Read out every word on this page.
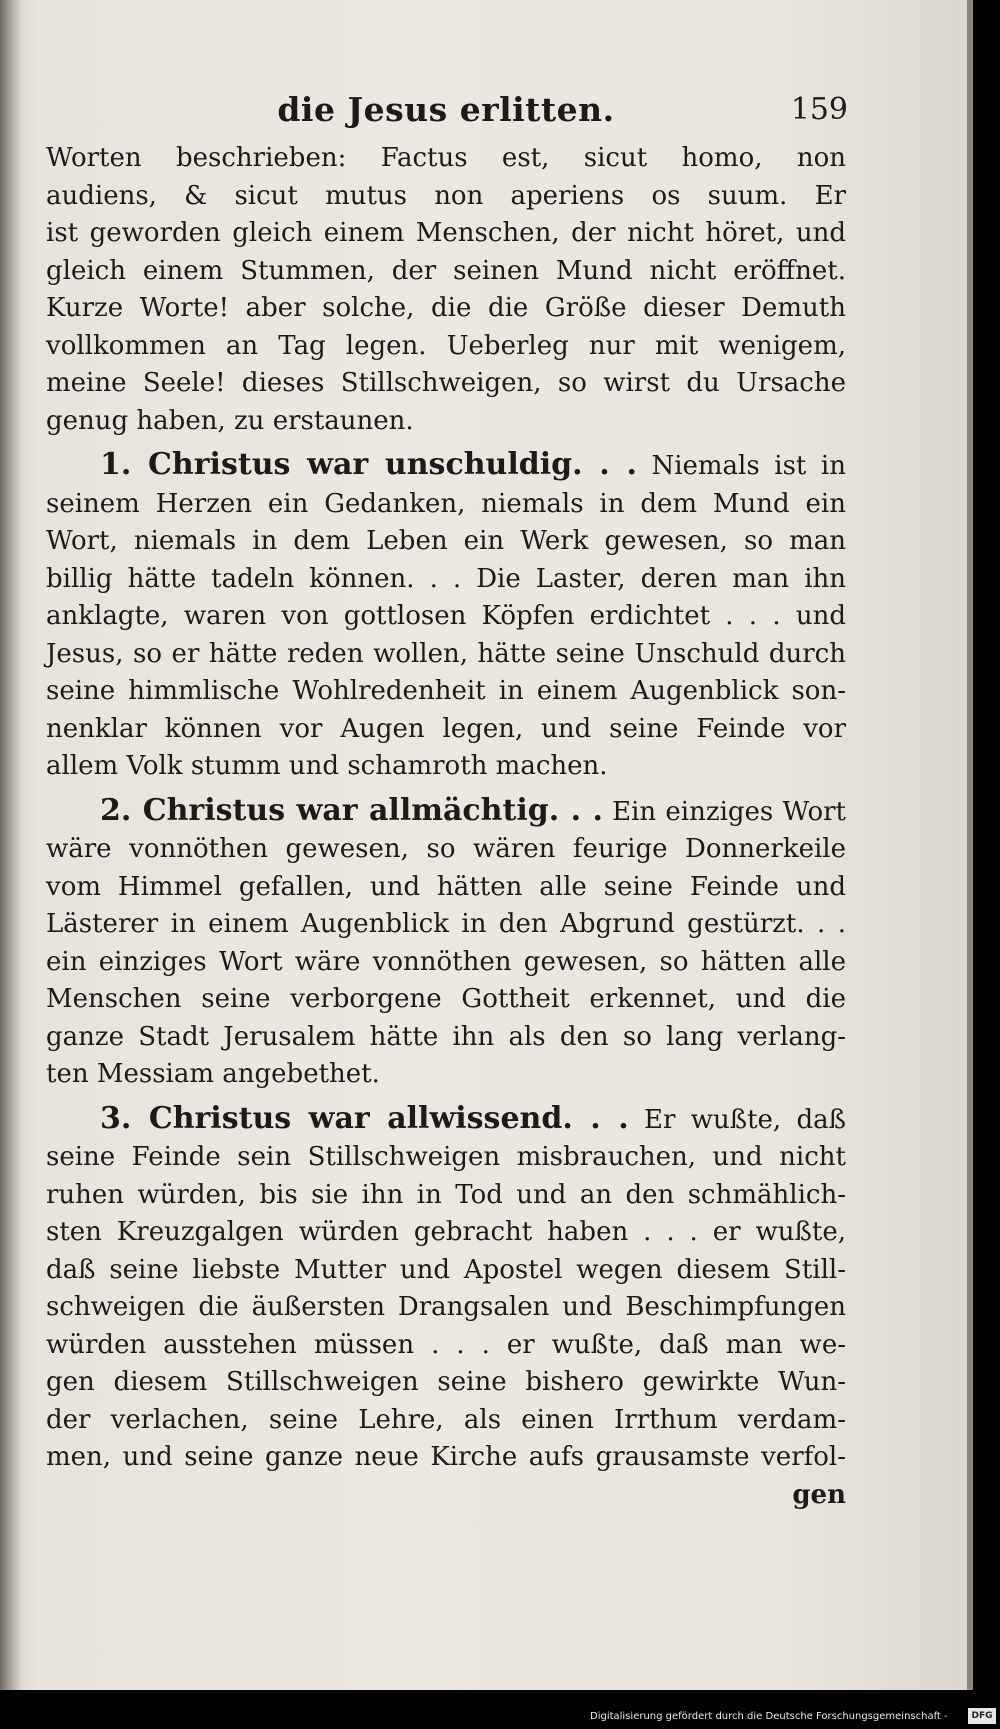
die Jesus erlitten.	159
Worten beschrieben: Factus est, sicut homo, non
audiens, & sicut mutus non aperiens os suum. Er
ist geworden gleich einem Menschen, der nicht höret, und
gleich einem Stummen, der seinen Mund nicht eröffnet.
Kurze Worte! aber solche, die die Größe dieser Demuth
vollkommen an Tag legen. Ueberleg nur mit wenigem,
meine Seele! dieses Stillschweigen, so wirst du Ursache
genug haben, zu erstaunen.
1. Christus war unschuldig. . . Niemals ist in
seinem Herzen ein Gedanken, niemals in dem Mund ein
Wort, niemals in dem Leben ein Werk gewesen, so man
billig hätte tadeln können. . . Die Laster, deren man ihn
anklagte, waren von gottlosen Köpfen erdichtet . . . und
Jesus, so er hätte reden wollen, hätte seine Unschuld durch
seine himmlische Wohlredenheit in einem Augenblick son-
nenklar können vor Augen legen, und seine Feinde vor
allem Volk stumm und schamroth machen.
2. Christus war allmächtig. . . Ein einziges Wort
wäre vonnöthen gewesen, so wären feurige Donnerkeile
vom Himmel gefallen, und hätten alle seine Feinde und
Lästerer in einem Augenblick in den Abgrund gestürzt. . .
ein einziges Wort wäre vonnöthen gewesen, so hätten alle
Menschen seine verborgene Gottheit erkennet, und die
ganze Stadt Jerusalem hätte ihn als den so lang verlang-
ten Messiam angebethet.
3. Christus war allwissend. . . Er wußte, daß
seine Feinde sein Stillschweigen misbrauchen, und nicht
ruhen würden, bis sie ihn in Tod und an den schmählich-
sten Kreuzgalgen würden gebracht haben . . . er wußte,
daß seine liebste Mutter und Apostel wegen diesem Still-
schweigen die äußersten Drangsalen und Beschimpfungen
würden ausstehen müssen . . . er wußte, daß man we-
gen diesem Stillschweigen seine bishero gewirkte Wun-
der verlachen, seine Lehre, als einen Irrthum verdam-
men, und seine ganze neue Kirche aufs grausamste verfol-
gen
Digitalisierung gefördert durch die Deutsche Forschungsgemeinschaft -	DFG
